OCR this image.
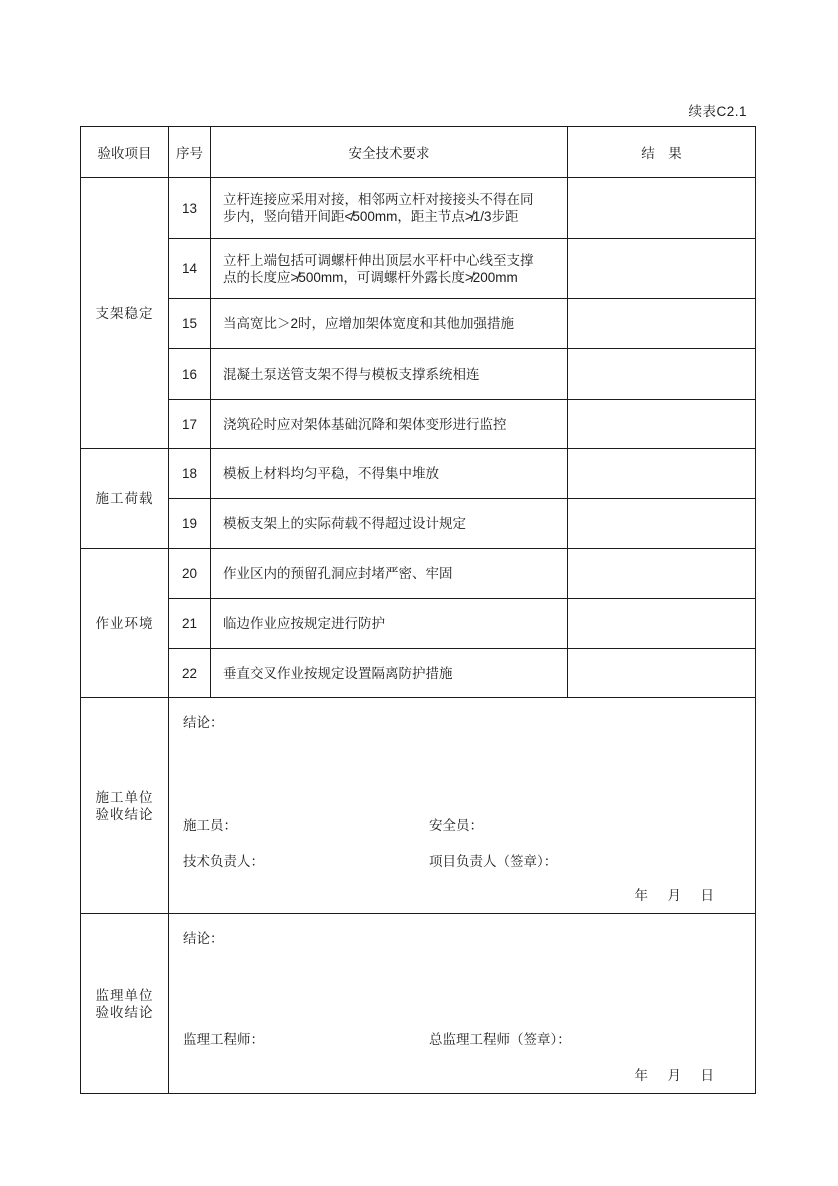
续表C2.1
验收项目	序号	安全技术要求	结　果
支架稳定	13	立杆连接应采用对接，相邻两立杆对接接头不得在同步内，竖向错开间距≮500mm，距主节点≯1/3步距	
	14	立杆上端包括可调螺杆伸出顶层水平杆中心线至支撑点的长度应≯500mm，可调螺杆外露长度≯200mm	
	15	当高宽比＞2时，应增加架体宽度和其他加强措施	
	16	混凝土泵送管支架不得与模板支撑系统相连	
	17	浇筑砼时应对架体基础沉降和架体变形进行监控	
施工荷载	18	模板上材料均匀平稳，不得集中堆放	
	19	模板支架上的实际荷载不得超过设计规定	
作业环境	20	作业区内的预留孔洞应封堵严密、牢固	
	21	临边作业应按规定进行防护	
	22	垂直交叉作业按规定设置隔离防护措施	

施工单位
验收结论

结论：
施工员：	安全员：
技术负责人：	项目负责人（签章）：
年　月　日

监理单位
验收结论

结论：
监理工程师：	总监理工程师（签章）：
年　月　日
